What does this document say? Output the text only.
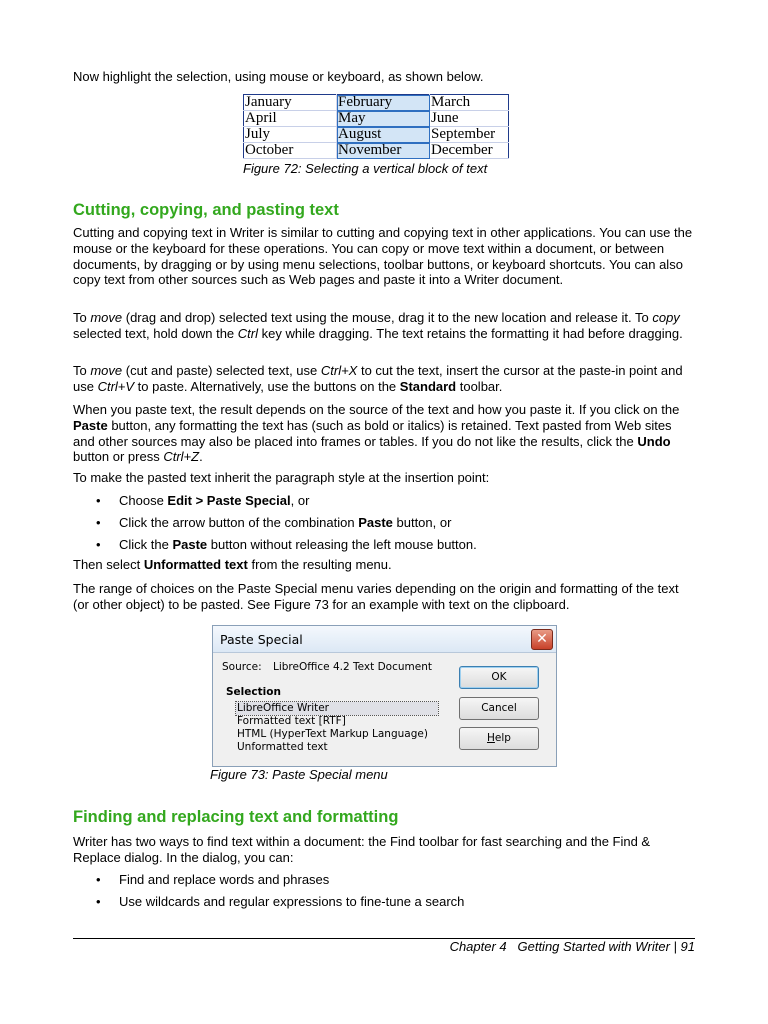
Now highlight the selection, using mouse or keyboard, as shown below.

January	February	March
April	May	June
July	August	September
October	November	December
Figure 72: Selecting a vertical block of text
Cutting, copying, and pasting text

Cutting and copying text in Writer is similar to cutting and copying text in other applications. You can use the mouse or the keyboard for these operations. You can copy or move text within a document, or between documents, by dragging or by using menu selections, toolbar buttons, or keyboard shortcuts. You can also copy text from other sources such as Web pages and paste it into a Writer document.

To move (drag and drop) selected text using the mouse, drag it to the new location and release it. To copy selected text, hold down the Ctrl key while dragging. The text retains the formatting it had before dragging.

To move (cut and paste) selected text, use Ctrl+X to cut the text, insert the cursor at the paste-in point and use Ctrl+V to paste. Alternatively, use the buttons on the Standard toolbar.

When you paste text, the result depends on the source of the text and how you paste it. If you click on the Paste button, any formatting the text has (such as bold or italics) is retained. Text pasted from Web sites and other sources may also be placed into frames or tables. If you do not like the results, click the Undo button or press Ctrl+Z.

To make the pasted text inherit the paragraph style at the insertion point:

• Choose Edit > Paste Special, or
• Click the arrow button of the combination Paste button, or
• Click the Paste button without releasing the left mouse button.

Then select Unformatted text from the resulting menu.

The range of choices on the Paste Special menu varies depending on the origin and formatting of the text (or other object) to be pasted. See Figure 73 for an example with text on the clipboard.

Paste Special	✕
Source: LibreOffice 4.2 Text Document
Selection
LibreOffice Writer
Formatted text [RTF]
HTML (HyperText Markup Language)
Unformatted text
OK
Cancel
Help
Figure 73: Paste Special menu
Finding and replacing text and formatting

Writer has two ways to find text within a document: the Find toolbar for fast searching and the Find & Replace dialog. In the dialog, you can:

• Find and replace words and phrases
• Use wildcards and regular expressions to fine-tune a search
Chapter 4   Getting Started with Writer | 91
